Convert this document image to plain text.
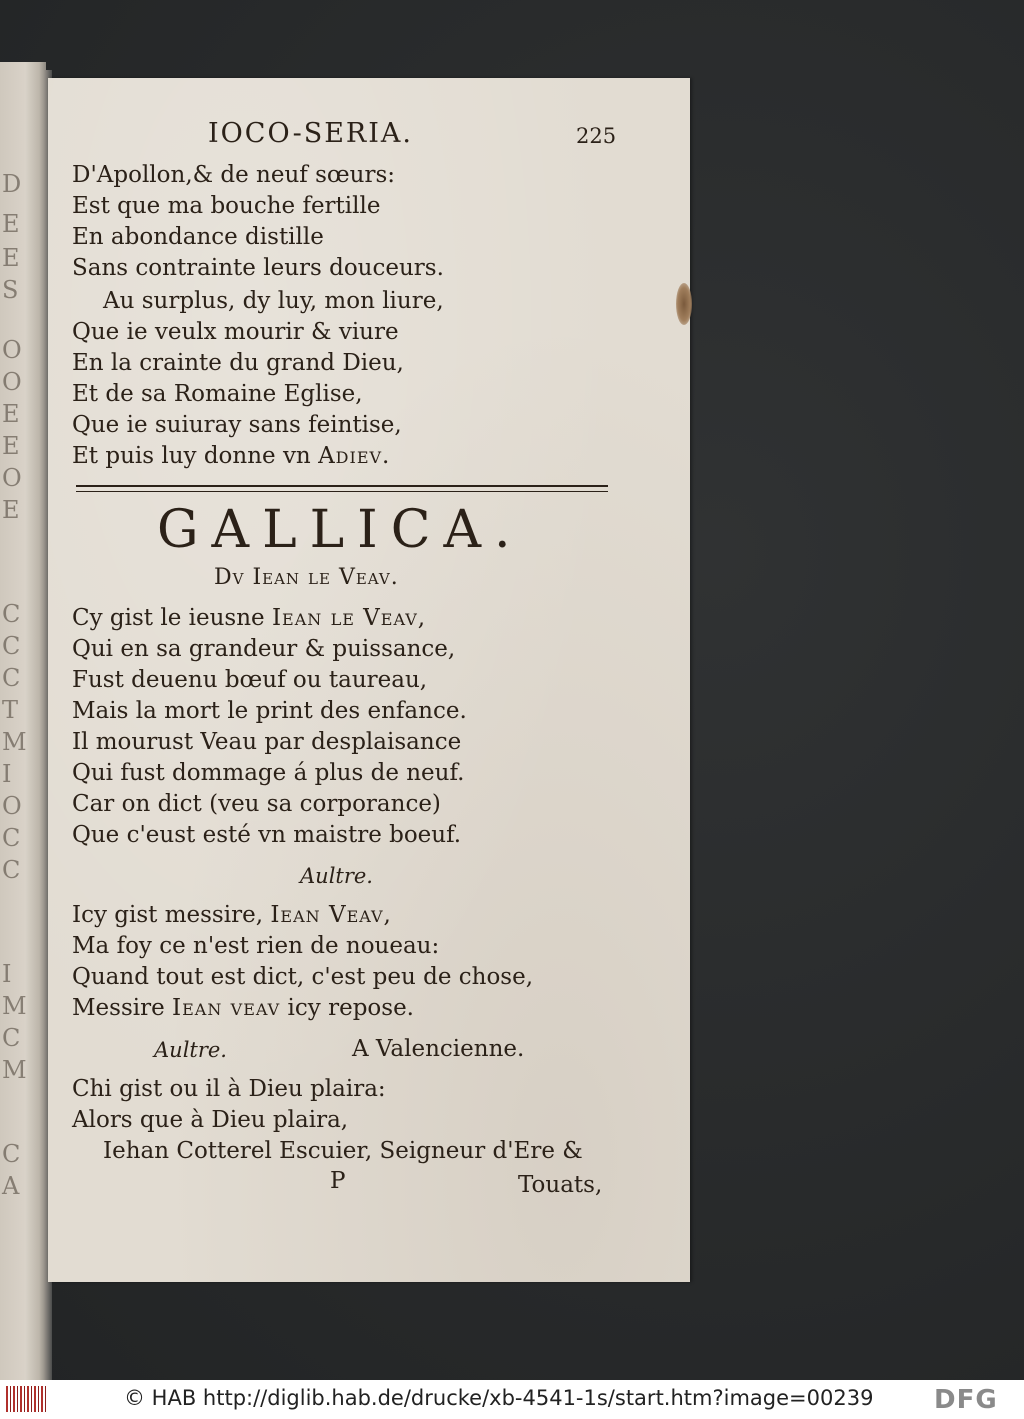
D
E
E
S
O
O
E
E
O
E
C
C
C
T
M
I
O
C
C
I
M
C
M
C
A
IOCO-SERIA.	225
D'Apollon,& de neuf sœurs:
Est que ma bouche fertille
En abondance distille
Sans contrainte leurs douceurs.
Au surplus, dy luy, mon liure,
Que ie veulx mourir & viure
En la crainte du grand Dieu,
Et de sa Romaine Eglise,
Que ie suiuray sans feintise,
Et puis luy donne vn Adiev.
GALLICA.
Dv Iean le Veav.
Cy gist le ieusne Iean le Veav,
Qui en sa grandeur & puissance,
Fust deuenu bœuf ou taureau,
Mais la mort le print des enfance.
Il mourust Veau par desplaisance
Qui fust dommage á plus de neuf.
Car on dict (veu sa corporance)
Que c'eust esté vn maistre boeuf.
Aultre.
Icy gist messire, Iean Veav,
Ma foy ce n'est rien de noueau:
Quand tout est dict, c'est peu de chose,
Messire Iean veav icy repose.
Aultre.	A Valencienne.
Chi gist ou il à Dieu plaira:
Alors que à Dieu plaira,
Iehan Cotterel Escuier, Seigneur d'Ere &
P	Touats,
© HAB http://diglib.hab.de/drucke/xb-4541-1s/start.htm?image=00239 DFG
